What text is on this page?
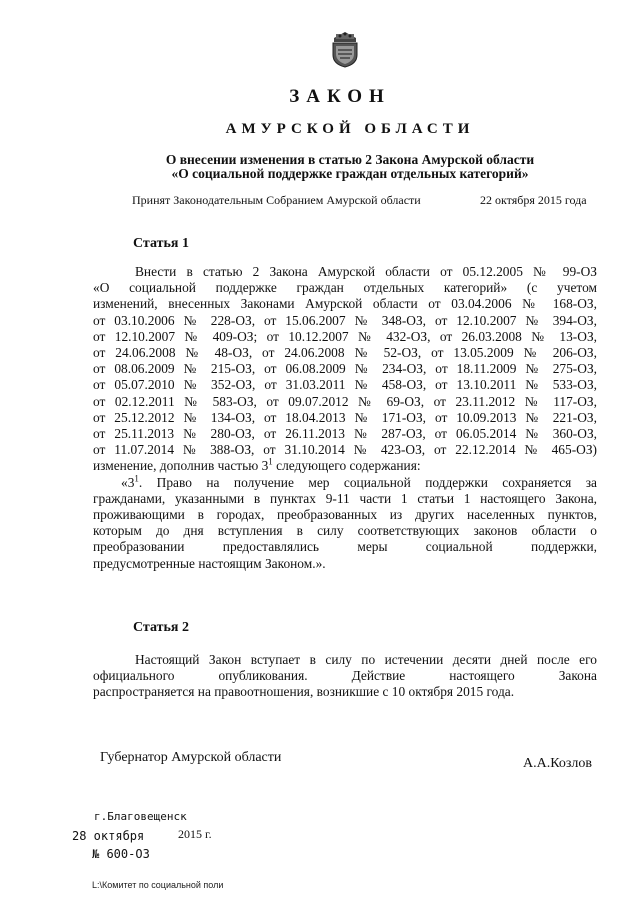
ЗАКОН
АМУРСКОЙ ОБЛАСТИ
О внесении изменения в статью 2 Закона Амурской области
«О социальной поддержке граждан отдельных категорий»
Принят Законодательным Собранием Амурской области	22 октября 2015 года
Статья 1
Внести в статью 2 Закона Амурской области от 05.12.2005 № 99-ОЗ
«О социальной поддержке граждан отдельных категорий» (с учетом
изменений, внесенных Законами Амурской области от 03.04.2006 № 168-ОЗ,
от 03.10.2006 № 228-ОЗ, от 15.06.2007 № 348-ОЗ, от 12.10.2007 № 394-ОЗ,
от 12.10.2007 № 409-ОЗ; от 10.12.2007 № 432-ОЗ, от 26.03.2008 № 13-ОЗ,
от 24.06.2008 № 48-ОЗ, от 24.06.2008 № 52-ОЗ, от 13.05.2009 № 206-ОЗ,
от 08.06.2009 № 215-ОЗ, от 06.08.2009 № 234-ОЗ, от 18.11.2009 № 275-ОЗ,
от 05.07.2010 № 352-ОЗ, от 31.03.2011 № 458-ОЗ, от 13.10.2011 № 533-ОЗ,
от 02.12.2011 № 583-ОЗ, от 09.07.2012 № 69-ОЗ, от 23.11.2012 № 117-ОЗ,
от 25.12.2012 № 134-ОЗ, от 18.04.2013 № 171-ОЗ, от 10.09.2013 № 221-ОЗ,
от 25.11.2013 № 280-ОЗ, от 26.11.2013 № 287-ОЗ, от 06.05.2014 № 360-ОЗ,
от 11.07.2014 № 388-ОЗ, от 31.10.2014 № 423-ОЗ, от 22.12.2014 № 465-ОЗ)
изменение, дополнив частью $3^1$ следующего содержания:
«$3^1$. Право на получение мер социальной поддержки сохраняется за
гражданами, указанными в пунктах 9-11 части 1 статьи 1 настоящего Закона,
проживающими в городах, преобразованных из других населенных пунктов,
которым до дня вступления в силу соответствующих законов области о
преобразовании предоставлялись меры социальной поддержки,
предусмотренные настоящим Законом.».
Статья 2
Настоящий Закон вступает в силу по истечении десяти дней после его
официального опубликования. Действие настоящего Закона
распространяется на правоотношения, возникшие с 10 октября 2015 года.
Губернатор Амурской области	А.А.Козлов
г.Благовещенск
28 октября	2015 г.
№ 600-ОЗ
L:\Комитет по социальной поли
